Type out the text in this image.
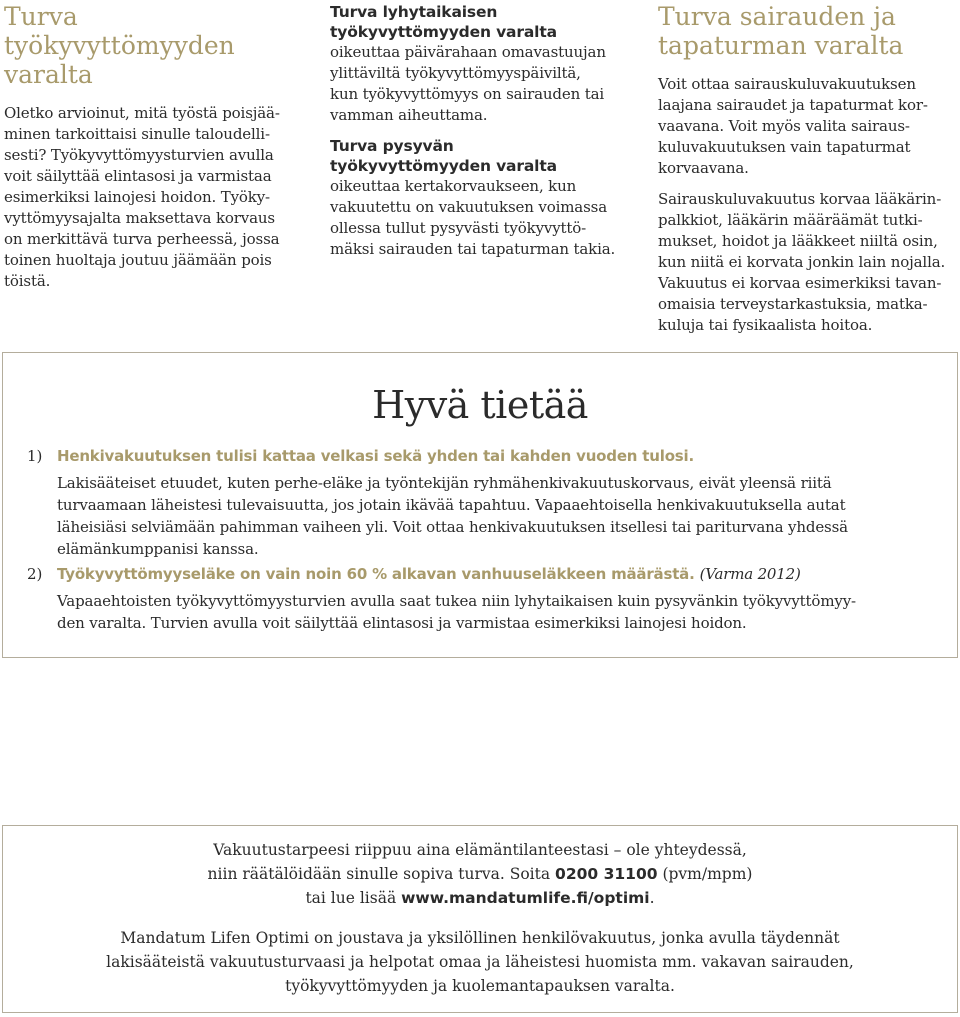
Turva työkyvyttömyyden
varalta

Oletko arvioinut, mitä työstä poisjää-
minen tarkoittaisi sinulle taloudelli-
sesti? Työkyvyttömyysturvien avulla
voit säilyttää elintasosi ja varmistaa
esimerkiksi lainojesi hoidon. Työky-
vyttömyysajalta maksettava korvaus
on merkittävä turva perheessä, jossa
toinen huoltaja joutuu jäämään pois
töistä.

Turva lyhytaikaisen
työkyvyttömyyden varalta

oikeuttaa päivärahaan omavastuujan
ylittäviltä työkyvyttömyyspäiviltä,
kun työkyvyttömyys on sairauden tai
vamman aiheuttama.

Turva pysyvän
työkyvyttömyyden varalta

oikeuttaa kertakorvaukseen, kun
vakuutettu on vakuutuksen voimassa
ollessa tullut pysyvästi työkyvyttö-
mäksi sairauden tai tapaturman takia.

Turva sairauden ja
tapaturman varalta

Voit ottaa sairauskuluvakuutuksen
laajana sairaudet ja tapaturmat kor-
vaavana. Voit myös valita sairaus-
kuluvakuutuksen vain tapaturmat
korvaavana.

Sairauskuluvakuutus korvaa lääkärin-
palkkiot, lääkärin määräämät tutki-
mukset, hoidot ja lääkkeet niiltä osin,
kun niitä ei korvata jonkin lain nojalla.
Vakuutus ei korvaa esimerkiksi tavan-
omaisia terveystarkastuksia, matka-
kuluja tai fysikaalista hoitoa.

Hyvä tietää
1) Henkivakuutuksen tulisi kattaa velkasi sekä yhden tai kahden vuoden tulosi.
Lakisääteiset etuudet, kuten perhe-eläke ja työntekijän ryhmähenkivakuutuskorvaus, eivät yleensä riitä
turvaamaan läheistesi tulevaisuutta, jos jotain ikävää tapahtuu. Vapaaehtoisella henkivakuutuksella autat
läheisiäsi selviämään pahimman vaiheen yli. Voit ottaa henkivakuutuksen itsellesi tai pariturvana yhdessä
elämänkumppanisi kanssa.
2) Työkyvyttömyyseläke on vain noin 60 % alkavan vanhuuseläkkeen määrästä. (Varma 2012)
Vapaaehtoisten työkyvyttömyysturvien avulla saat tukea niin lyhytaikaisen kuin pysyvänkin työkyvyttömyy-
den varalta. Turvien avulla voit säilyttää elintasosi ja varmistaa esimerkiksi lainojesi hoidon.
Vakuutustarpeesi riippuu aina elämäntilanteestasi – ole yhteydessä,
niin räätälöidään sinulle sopiva turva. Soita 0200 31100 (pvm/mpm)
tai lue lisää www.mandatumlife.fi/optimi.
Mandatum Lifen Optimi on joustava ja yksilöllinen henkilövakuutus, jonka avulla täydennät
lakisääteistä vakuutusturvaasi ja helpotat omaa ja läheistesi huomista mm. vakavan sairauden,
työkyvyttömyyden ja kuolemantapauksen varalta.
